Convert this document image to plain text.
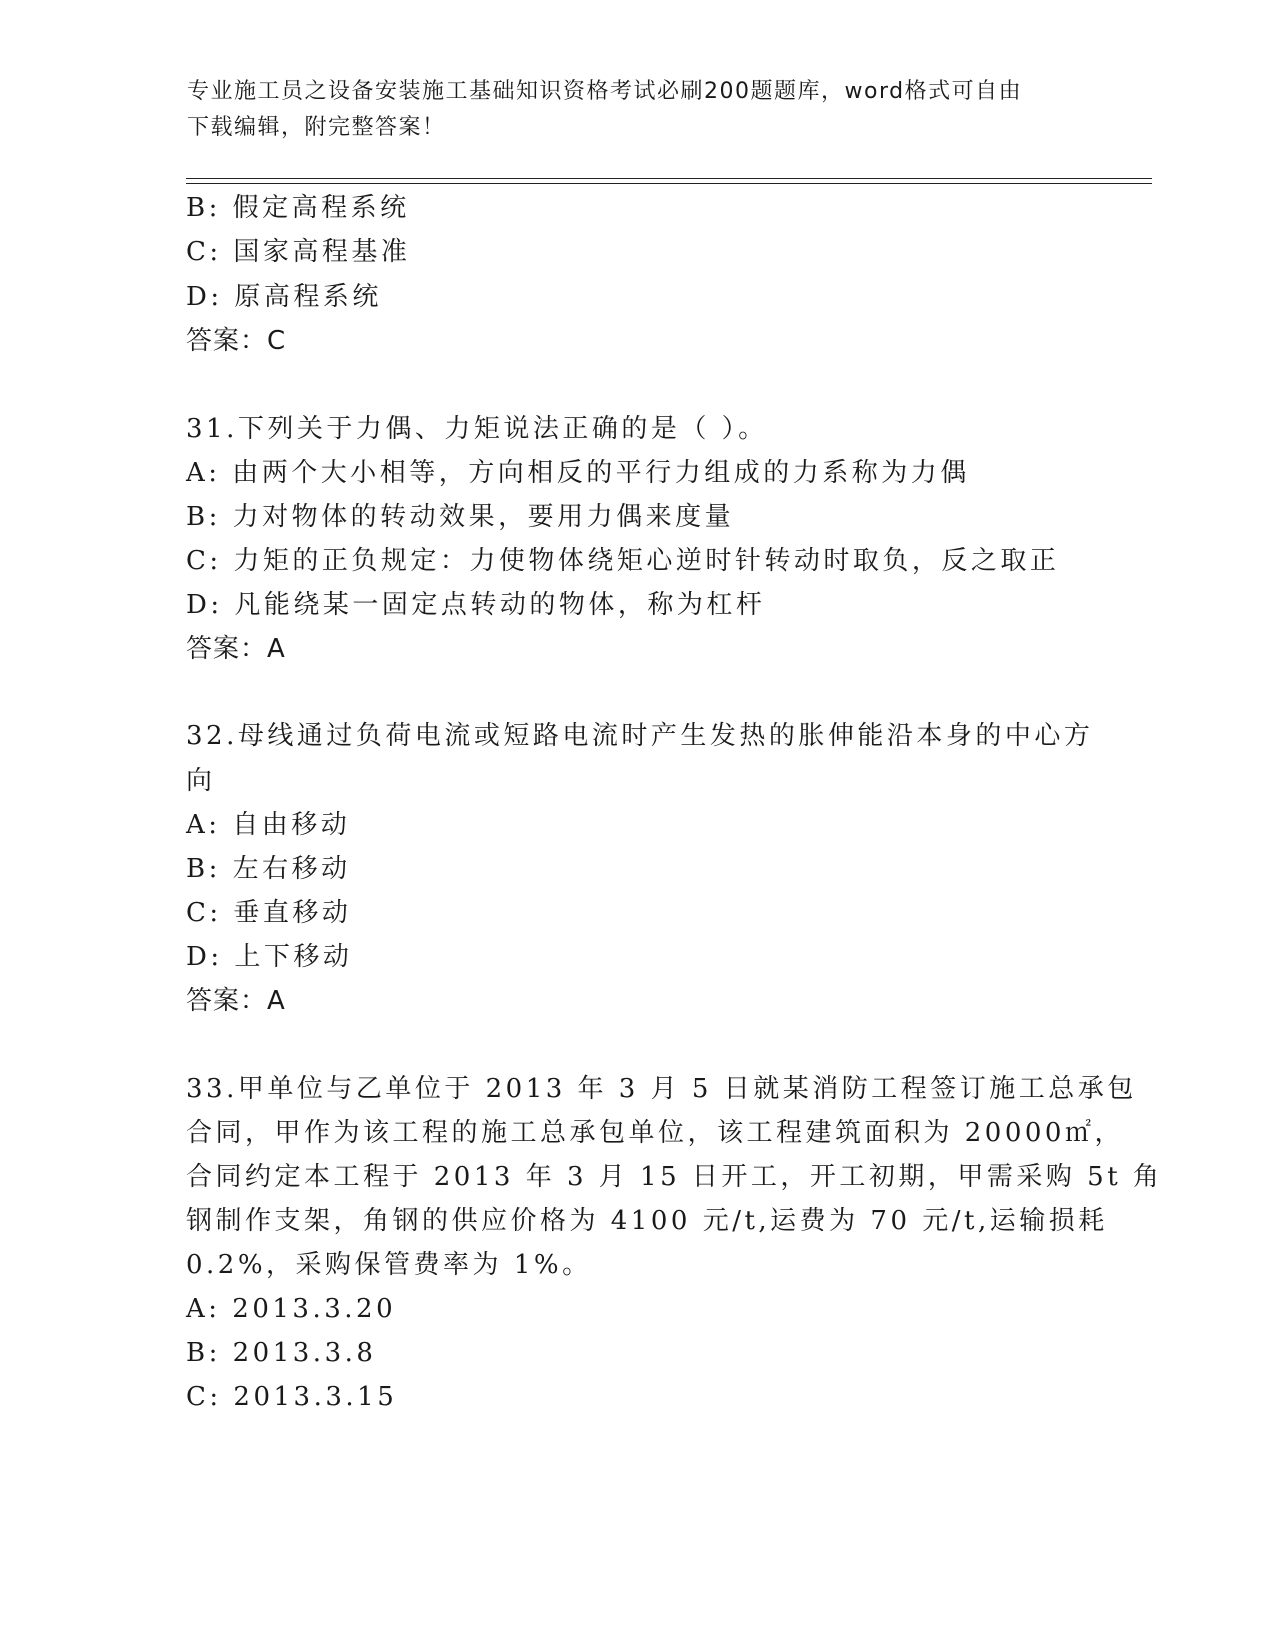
专业施工员之设备安装施工基础知识资格考试必刷200题题库，word格式可自由
下载编辑，附完整答案！
B: 假定高程系统
C: 国家高程基准
D: 原高程系统
答案：C
31.下列关于力偶、力矩说法正确的是（ ）。
A: 由两个大小相等，方向相反的平行力组成的力系称为力偶
B: 力对物体的转动效果，要用力偶来度量
C: 力矩的正负规定：力使物体绕矩心逆时针转动时取负，反之取正
D: 凡能绕某一固定点转动的物体，称为杠杆
答案：A
32.母线通过负荷电流或短路电流时产生发热的胀伸能沿本身的中心方
向
A: 自由移动
B: 左右移动
C: 垂直移动
D: 上下移动
答案：A
33.甲单位与乙单位于 2013 年 3 月 5 日就某消防工程签订施工总承包
合同，甲作为该工程的施工总承包单位，该工程建筑面积为 20000㎡，
合同约定本工程于 2013 年 3 月 15 日开工，开工初期，甲需采购 5t 角
钢制作支架，角钢的供应价格为 4100 元/t,运费为 70 元/t,运输损耗
0.2%，采购保管费率为 1%。
A: 2013.3.20
B: 2013.3.8
C: 2013.3.15
